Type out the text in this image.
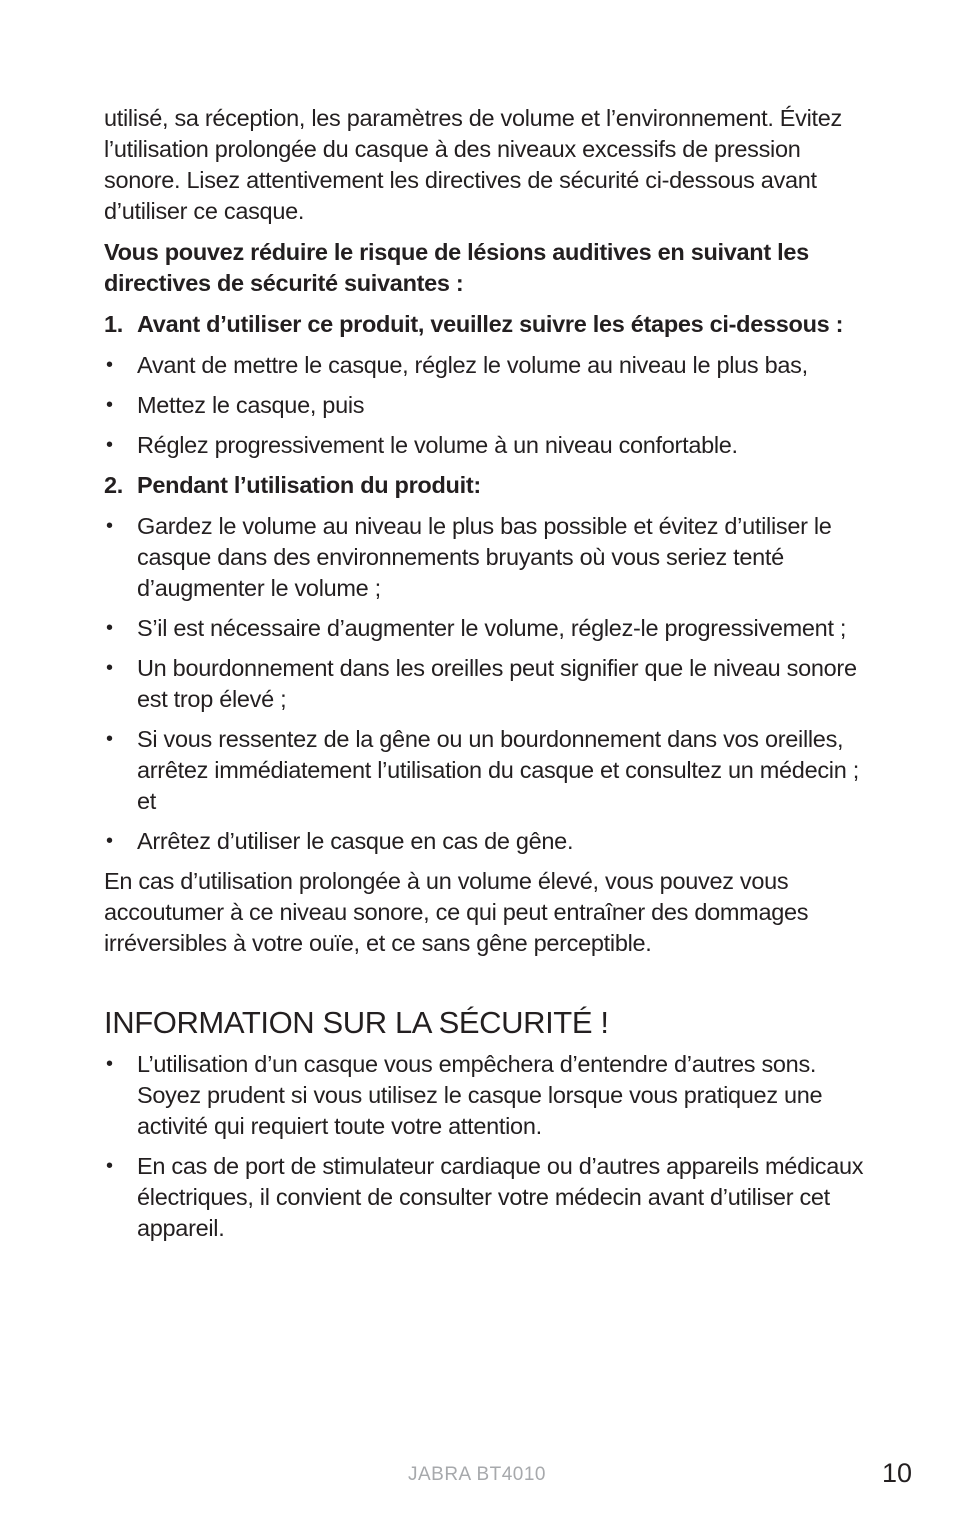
utilisé, sa réception, les paramètres de volume et l’environnement. Évitez l’utilisation prolongée du casque à des niveaux excessifs de pression sonore. Lisez attentivement les directives de sécurité ci-dessous avant d’utiliser ce casque.

Vous pouvez réduire le risque de lésions auditives en suivant les directives de sécurité suivantes :

1. Avant d’utiliser ce produit, veuillez suivre les étapes ci-dessous :
• Avant de mettre le casque, réglez le volume au niveau le plus bas,
• Mettez le casque, puis
• Réglez progressivement le volume à un niveau confortable.
2. Pendant l’utilisation du produit:
• Gardez le volume au niveau le plus bas possible et évitez d’utiliser le casque dans des environnements bruyants où vous seriez tenté d’augmenter le volume ;
• S’il est nécessaire d’augmenter le volume, réglez-le progressivement ;
• Un bourdonnement dans les oreilles peut signifier que le niveau sonore est trop élevé ;
• Si vous ressentez de la gêne ou un bourdonnement dans vos oreilles, arrêtez immédiatement l’utilisation du casque et consultez un médecin ; et
• Arrêtez d’utiliser le casque en cas de gêne.

En cas d’utilisation prolongée à un volume élevé, vous pouvez vous accoutumer à ce niveau sonore, ce qui peut entraîner des dommages irréversibles à votre ouïe, et ce sans gêne perceptible.

INFORMATION SUR LA SÉCURITÉ !
• L’utilisation d’un casque vous empêchera d’entendre d’autres sons. Soyez prudent si vous utilisez le casque lorsque vous pratiquez une activité qui requiert toute votre attention.
• En cas de port de stimulateur cardiaque ou d’autres appareils médicaux électriques, il convient de consulter votre médecin avant d’utiliser cet appareil.
JABRA BT4010	10
